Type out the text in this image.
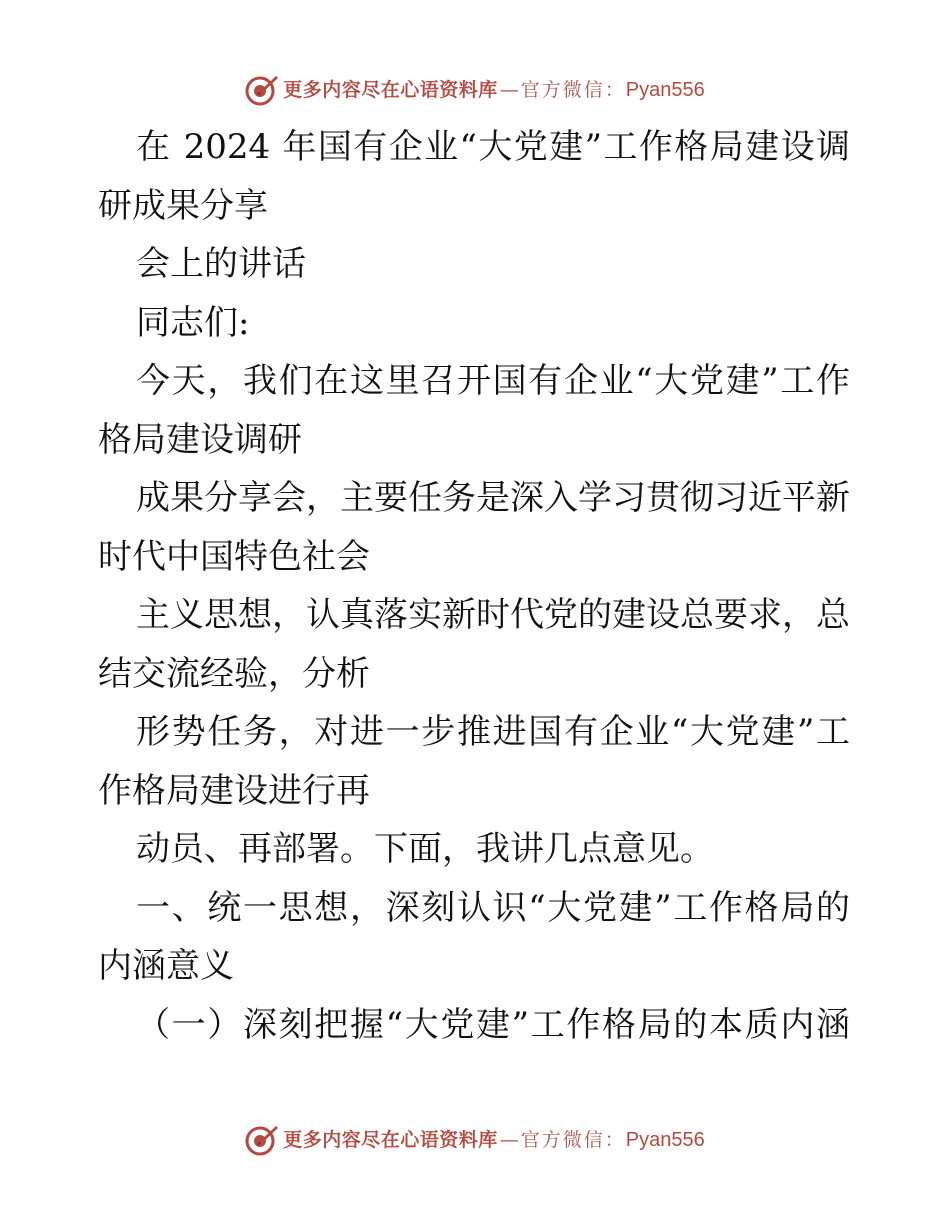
更多内容尽在心语资料库 — 官方微信： Pyan556
在 2024 年国有企业“大党建”工作格局建设调
研成果分享
会上的讲话
同志们:
今天，我们在这里召开国有企业“大党建”工作
格局建设调研
成果分享会，主要任务是深入学习贯彻习近平新
时代中国特色社会
主义思想，认真落实新时代党的建设总要求，总
结交流经验，分析
形势任务，对进一步推进国有企业“大党建”工
作格局建设进行再
动员、再部署。下面，我讲几点意见。
一、统一思想，深刻认识“大党建”工作格局的
内涵意义
（一）深刻把握“大党建”工作格局的本质内涵
更多内容尽在心语资料库 — 官方微信： Pyan556
